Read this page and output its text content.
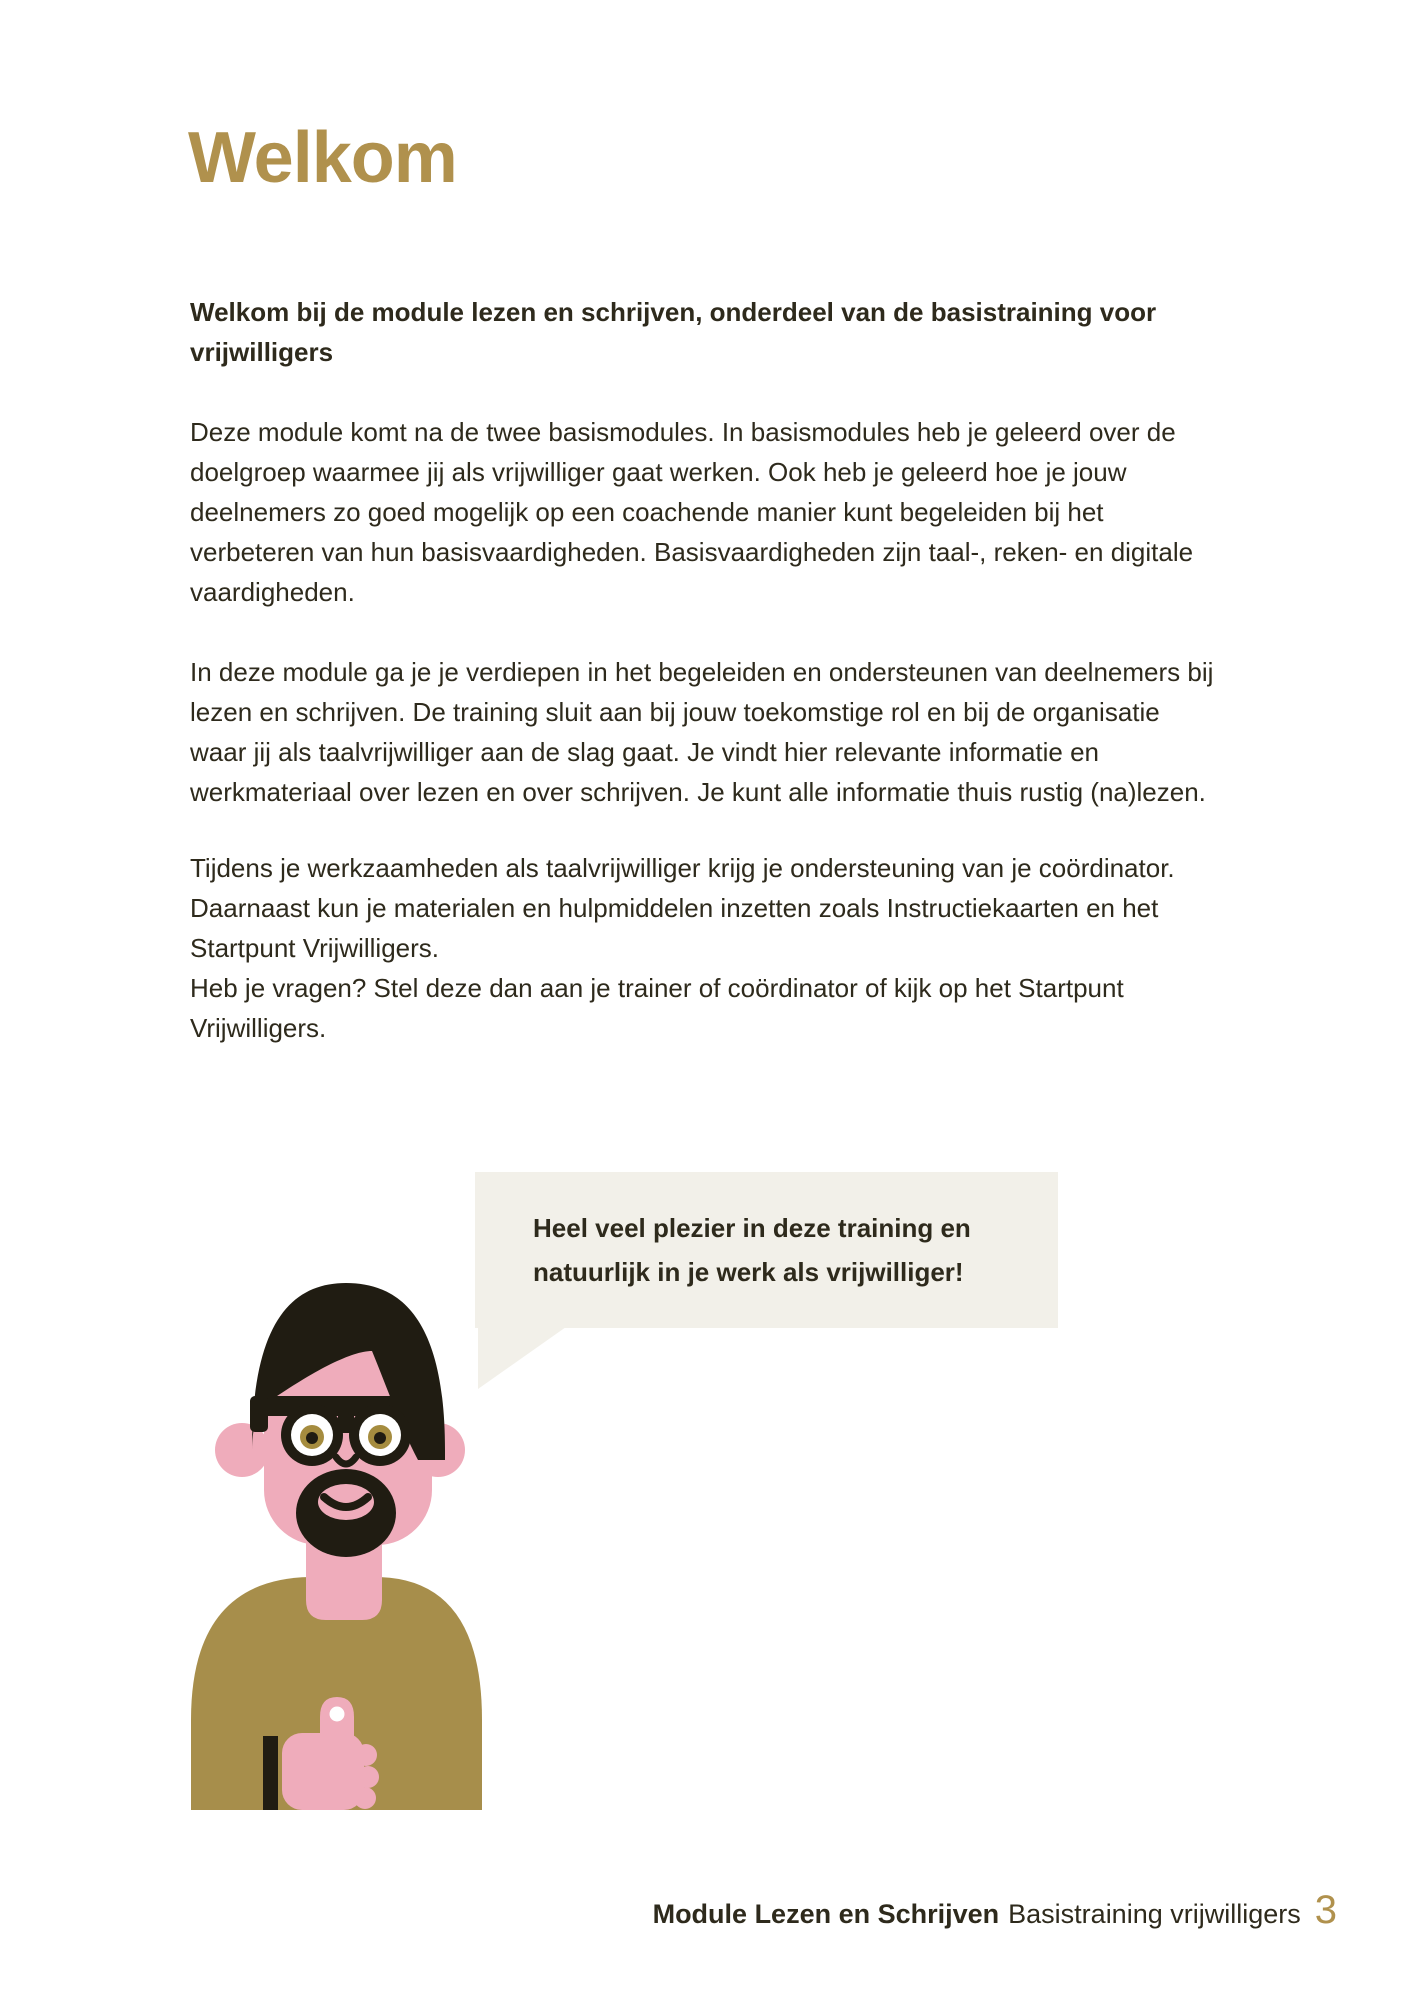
Welkom
Welkom bij de module lezen en schrijven, onderdeel van de basistraining voor
vrijwilligers
Deze module komt na de twee basismodules. In basismodules heb je geleerd over de
doelgroep waarmee jij als vrijwilliger gaat werken. Ook heb je geleerd hoe je jouw
deelnemers zo goed mogelijk op een coachende manier kunt begeleiden bij het
verbeteren van hun basisvaardigheden. Basisvaardigheden zijn taal-, reken- en digitale
vaardigheden.
In deze module ga je je verdiepen in het begeleiden en ondersteunen van deelnemers bij
lezen en schrijven. De training sluit aan bij jouw toekomstige rol en bij de organisatie
waar jij als taalvrijwilliger aan de slag gaat. Je vindt hier relevante informatie en
werkmateriaal over lezen en over schrijven. Je kunt alle informatie thuis rustig (na)lezen.
Tijdens je werkzaamheden als taalvrijwilliger krijg je ondersteuning van je coördinator.
Daarnaast kun je materialen en hulpmiddelen inzetten zoals Instructiekaarten en het
Startpunt Vrijwilligers.
Heb je vragen? Stel deze dan aan je trainer of coördinator of kijk op het Startpunt
Vrijwilligers.
Heel veel plezier in deze training en
natuurlijk in je werk als vrijwilliger!
Module Lezen en Schrijven Basistraining vrijwilligers 3
